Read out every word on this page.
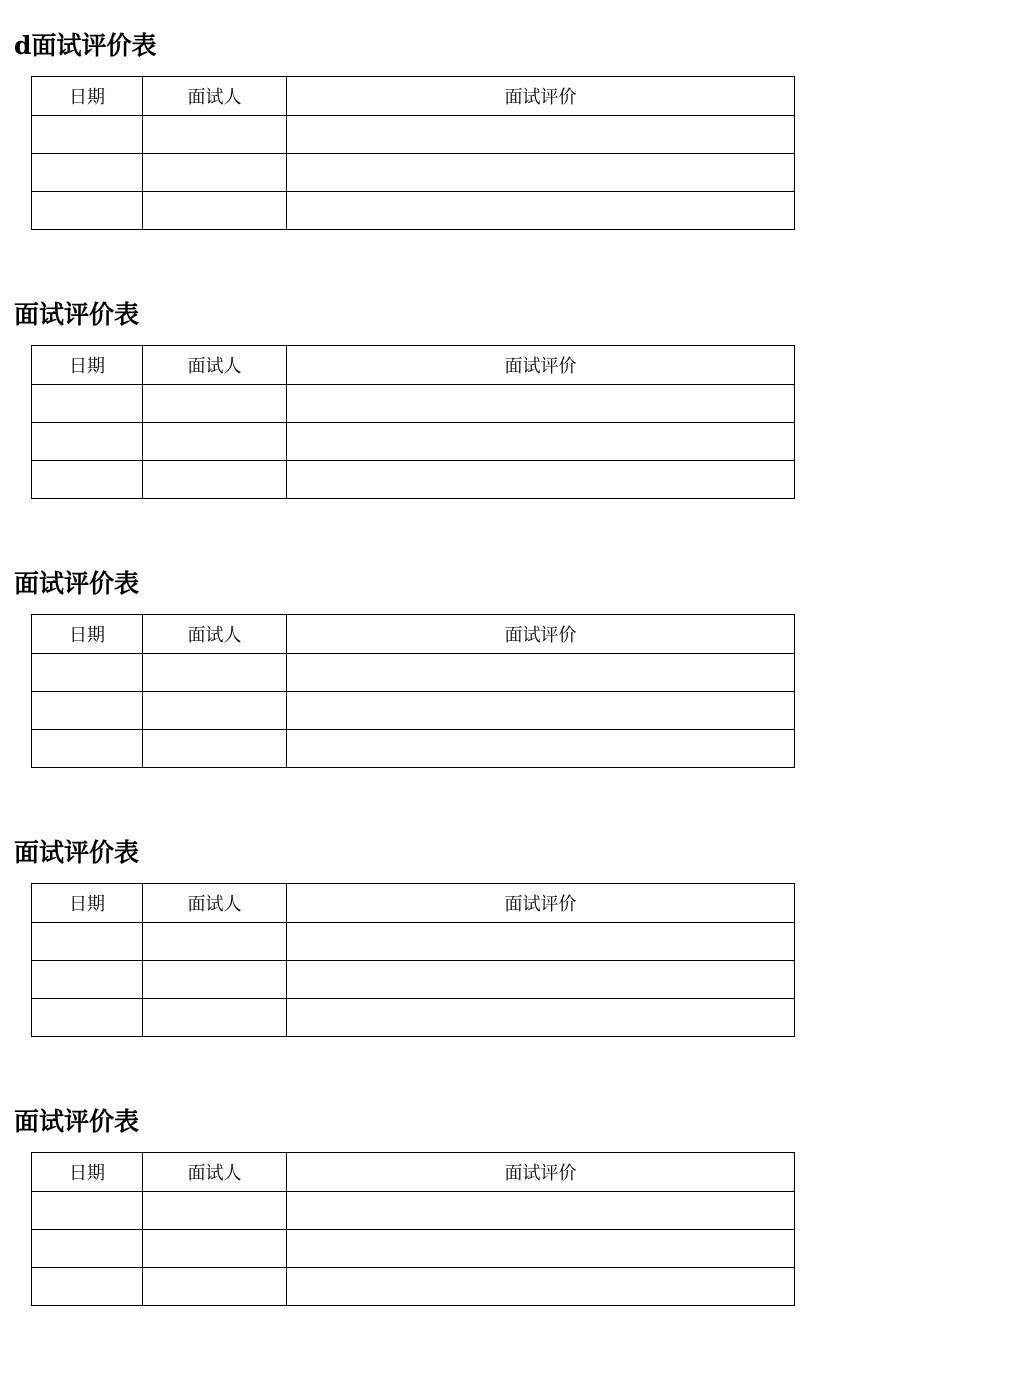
d面试评价表
日期	面试人	面试评价

面试评价表
日期	面试人	面试评价

面试评价表
日期	面试人	面试评价

面试评价表
日期	面试人	面试评价

面试评价表
日期	面试人	面试评价
